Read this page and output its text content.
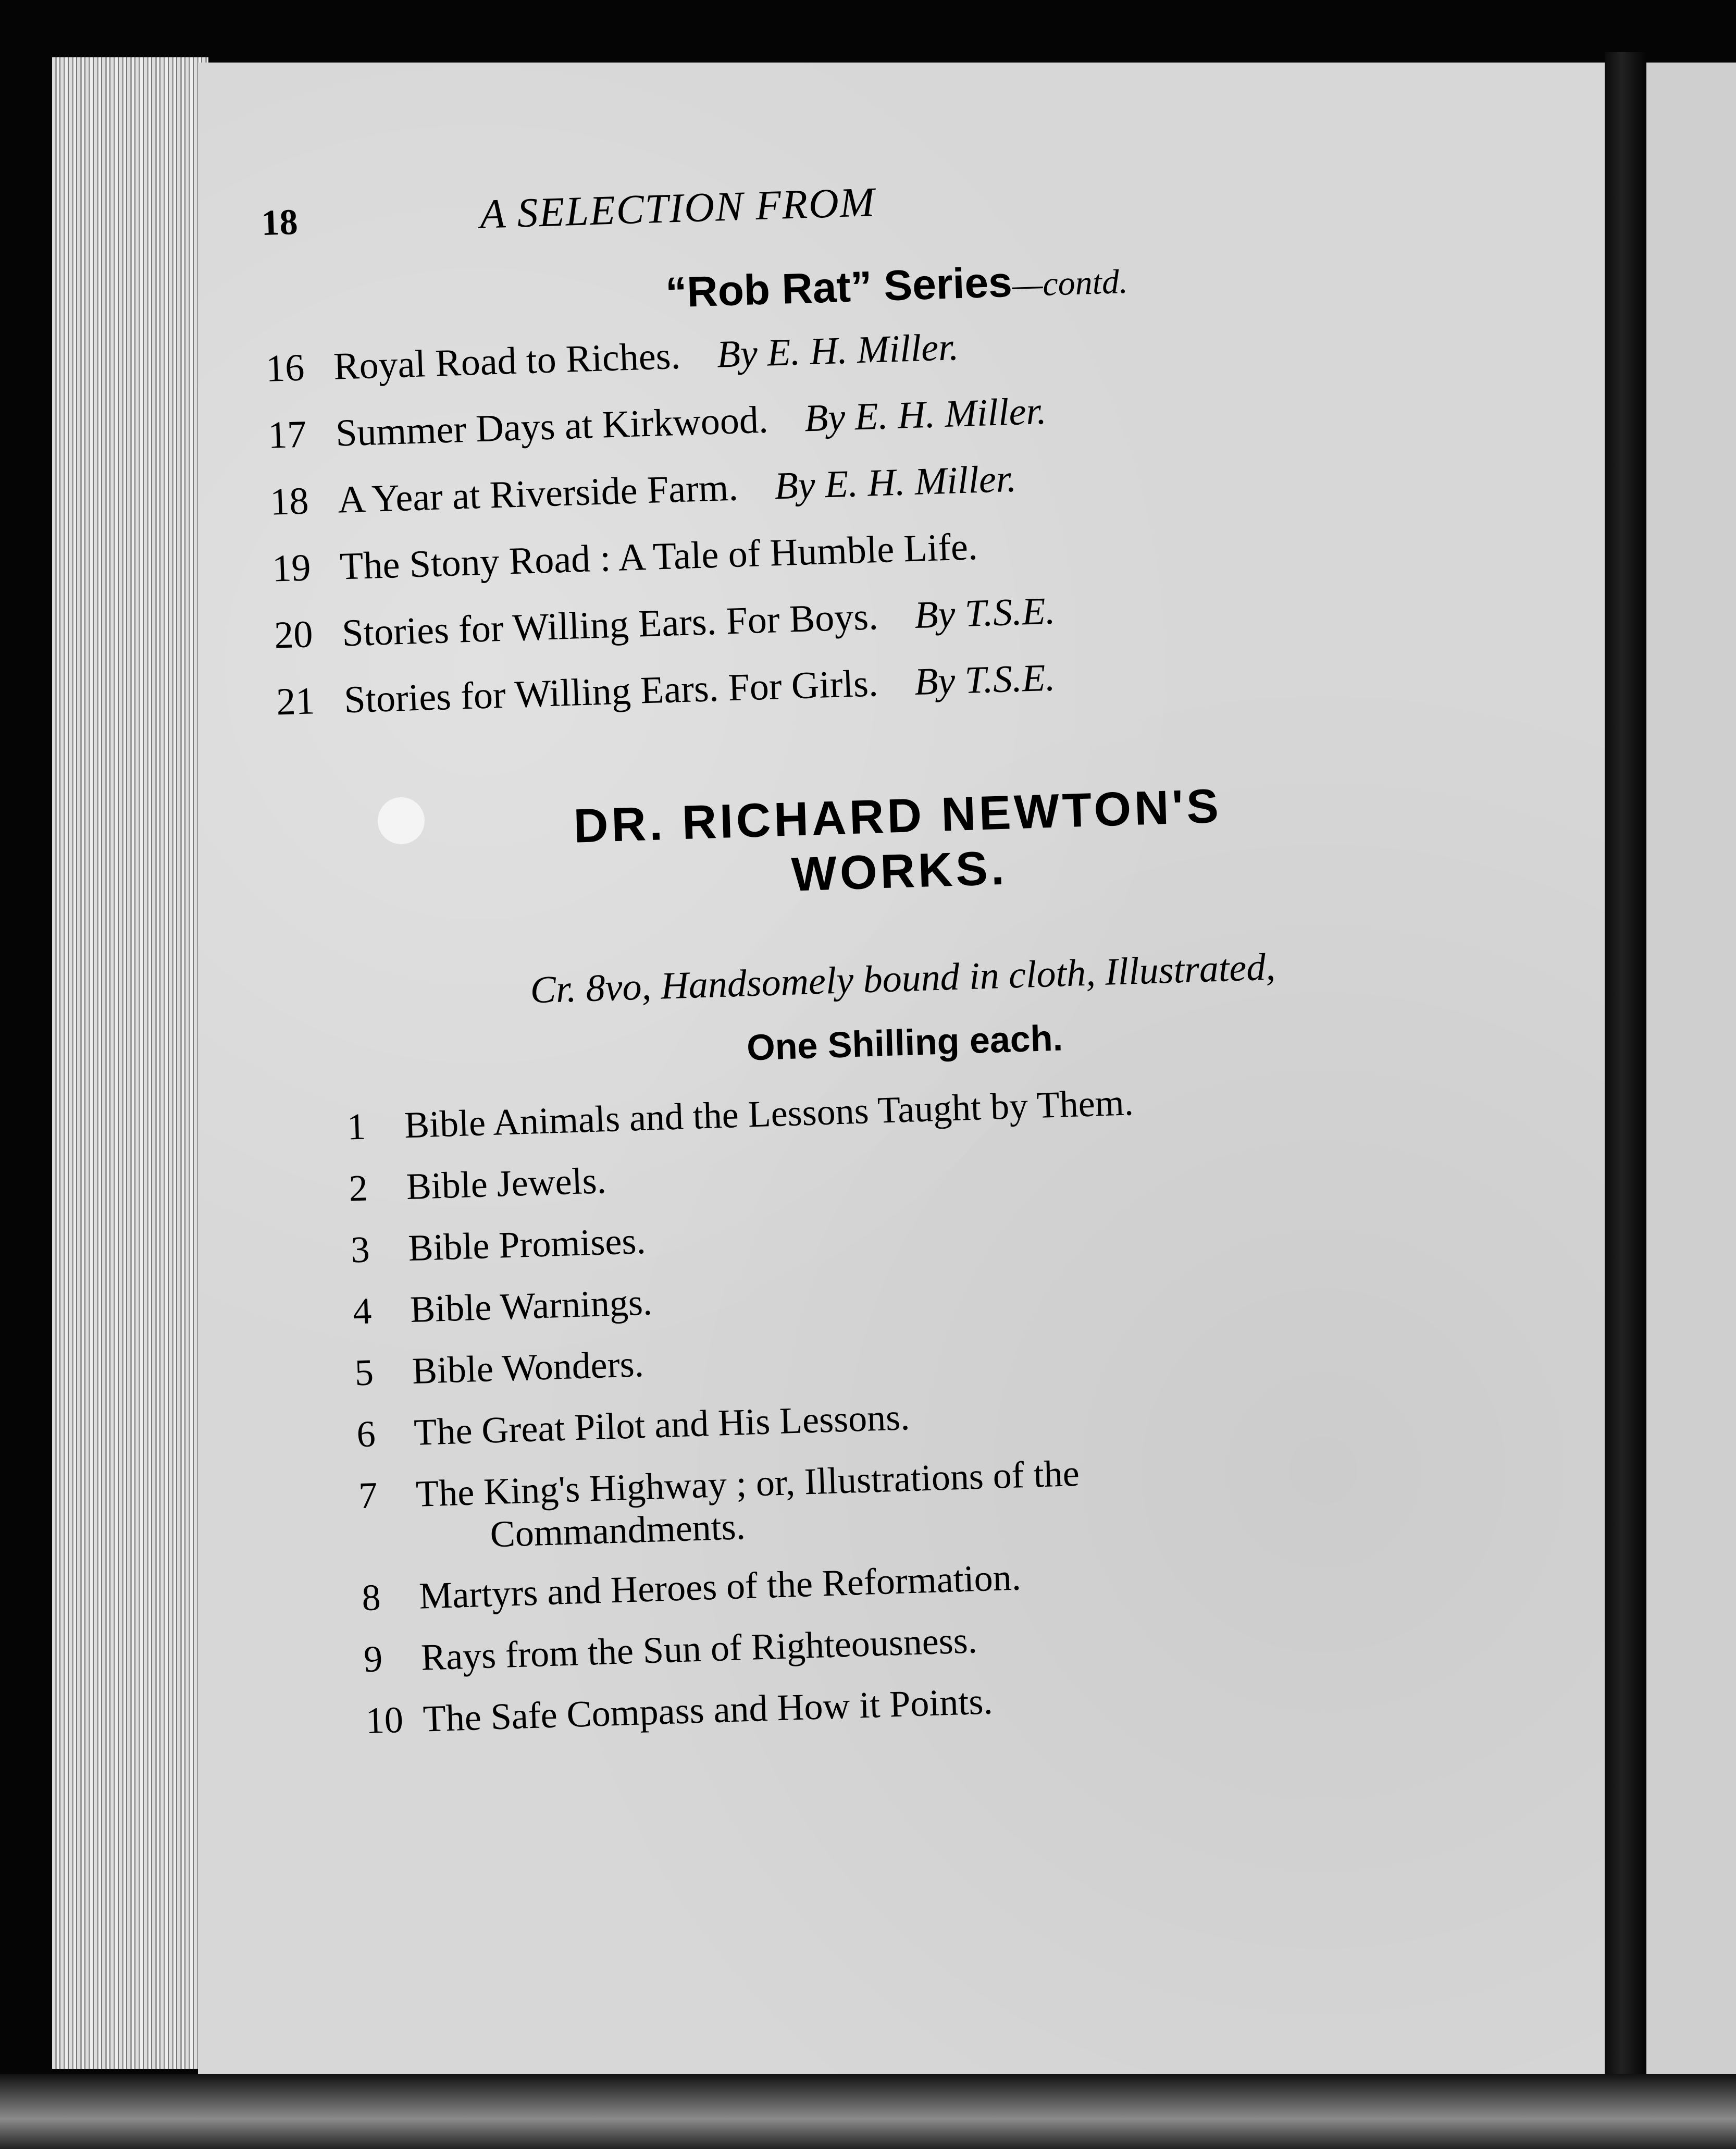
18	A SELECTION FROM
“Rob Rat” Series—contd.
16 Royal Road to Riches. By E. H. Miller.
17 Summer Days at Kirkwood. By E. H. Miller.
18 A Year at Riverside Farm. By E. H. Miller.
19 The Stony Road : A Tale of Humble Life.
20 Stories for Willing Ears. For Boys. By T.S.E.
21 Stories for Willing Ears. For Girls. By T.S.E.
DR. RICHARD NEWTON'S
WORKS.
Cr. 8vo, Handsomely bound in cloth, Illustrated,
One Shilling each.
1 Bible Animals and the Lessons Taught by Them.
2 Bible Jewels.
3 Bible Promises.
4 Bible Warnings.
5 Bible Wonders.
6 The Great Pilot and His Lessons.
7 The King's Highway ; or, Illustrations of the
Commandments.
8 Martyrs and Heroes of the Reformation.
9 Rays from the Sun of Righteousness.
10 The Safe Compass and How it Points.
